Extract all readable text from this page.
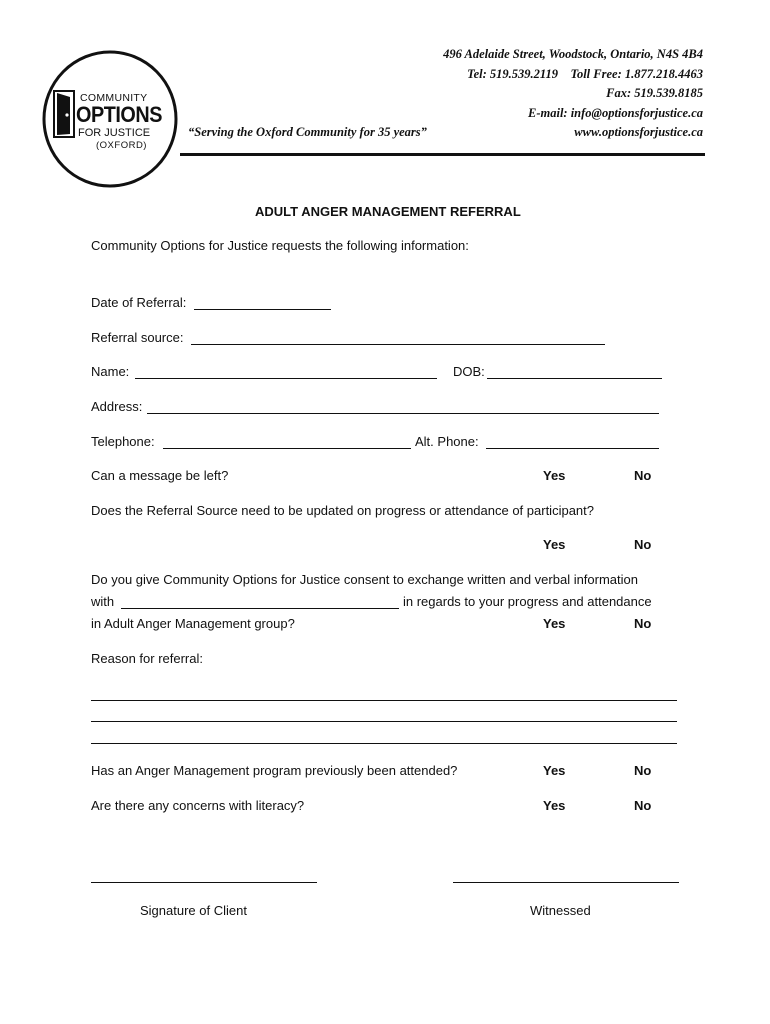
COMMUNITY
OPTIONS
FOR JUSTICE
(OXFORD)
“Serving the Oxford Community for 35 years”
496 Adelaide Street, Woodstock, Ontario, N4S 4B4
Tel: 519.539.2119    Toll Free: 1.877.218.4463
Fax: 519.539.8185
E-mail: info@optionsforjustice.ca
www.optionsforjustice.ca
ADULT ANGER MANAGEMENT REFERRAL
Community Options for Justice requests the following information:
Date of Referral:
Referral source:
Name:	DOB:
Address:
Telephone:	Alt. Phone:
Can a message be left?	Yes	No
Does the Referral Source need to be updated on progress or attendance of participant?
Yes	No
Do you give Community Options for Justice consent to exchange written and verbal information
with	in regards to your progress and attendance
in Adult Anger Management group?	Yes	No
Reason for referral:
Has an Anger Management program previously been attended?	Yes	No
Are there any concerns with literacy?	Yes	No
Signature of Client	Witnessed
